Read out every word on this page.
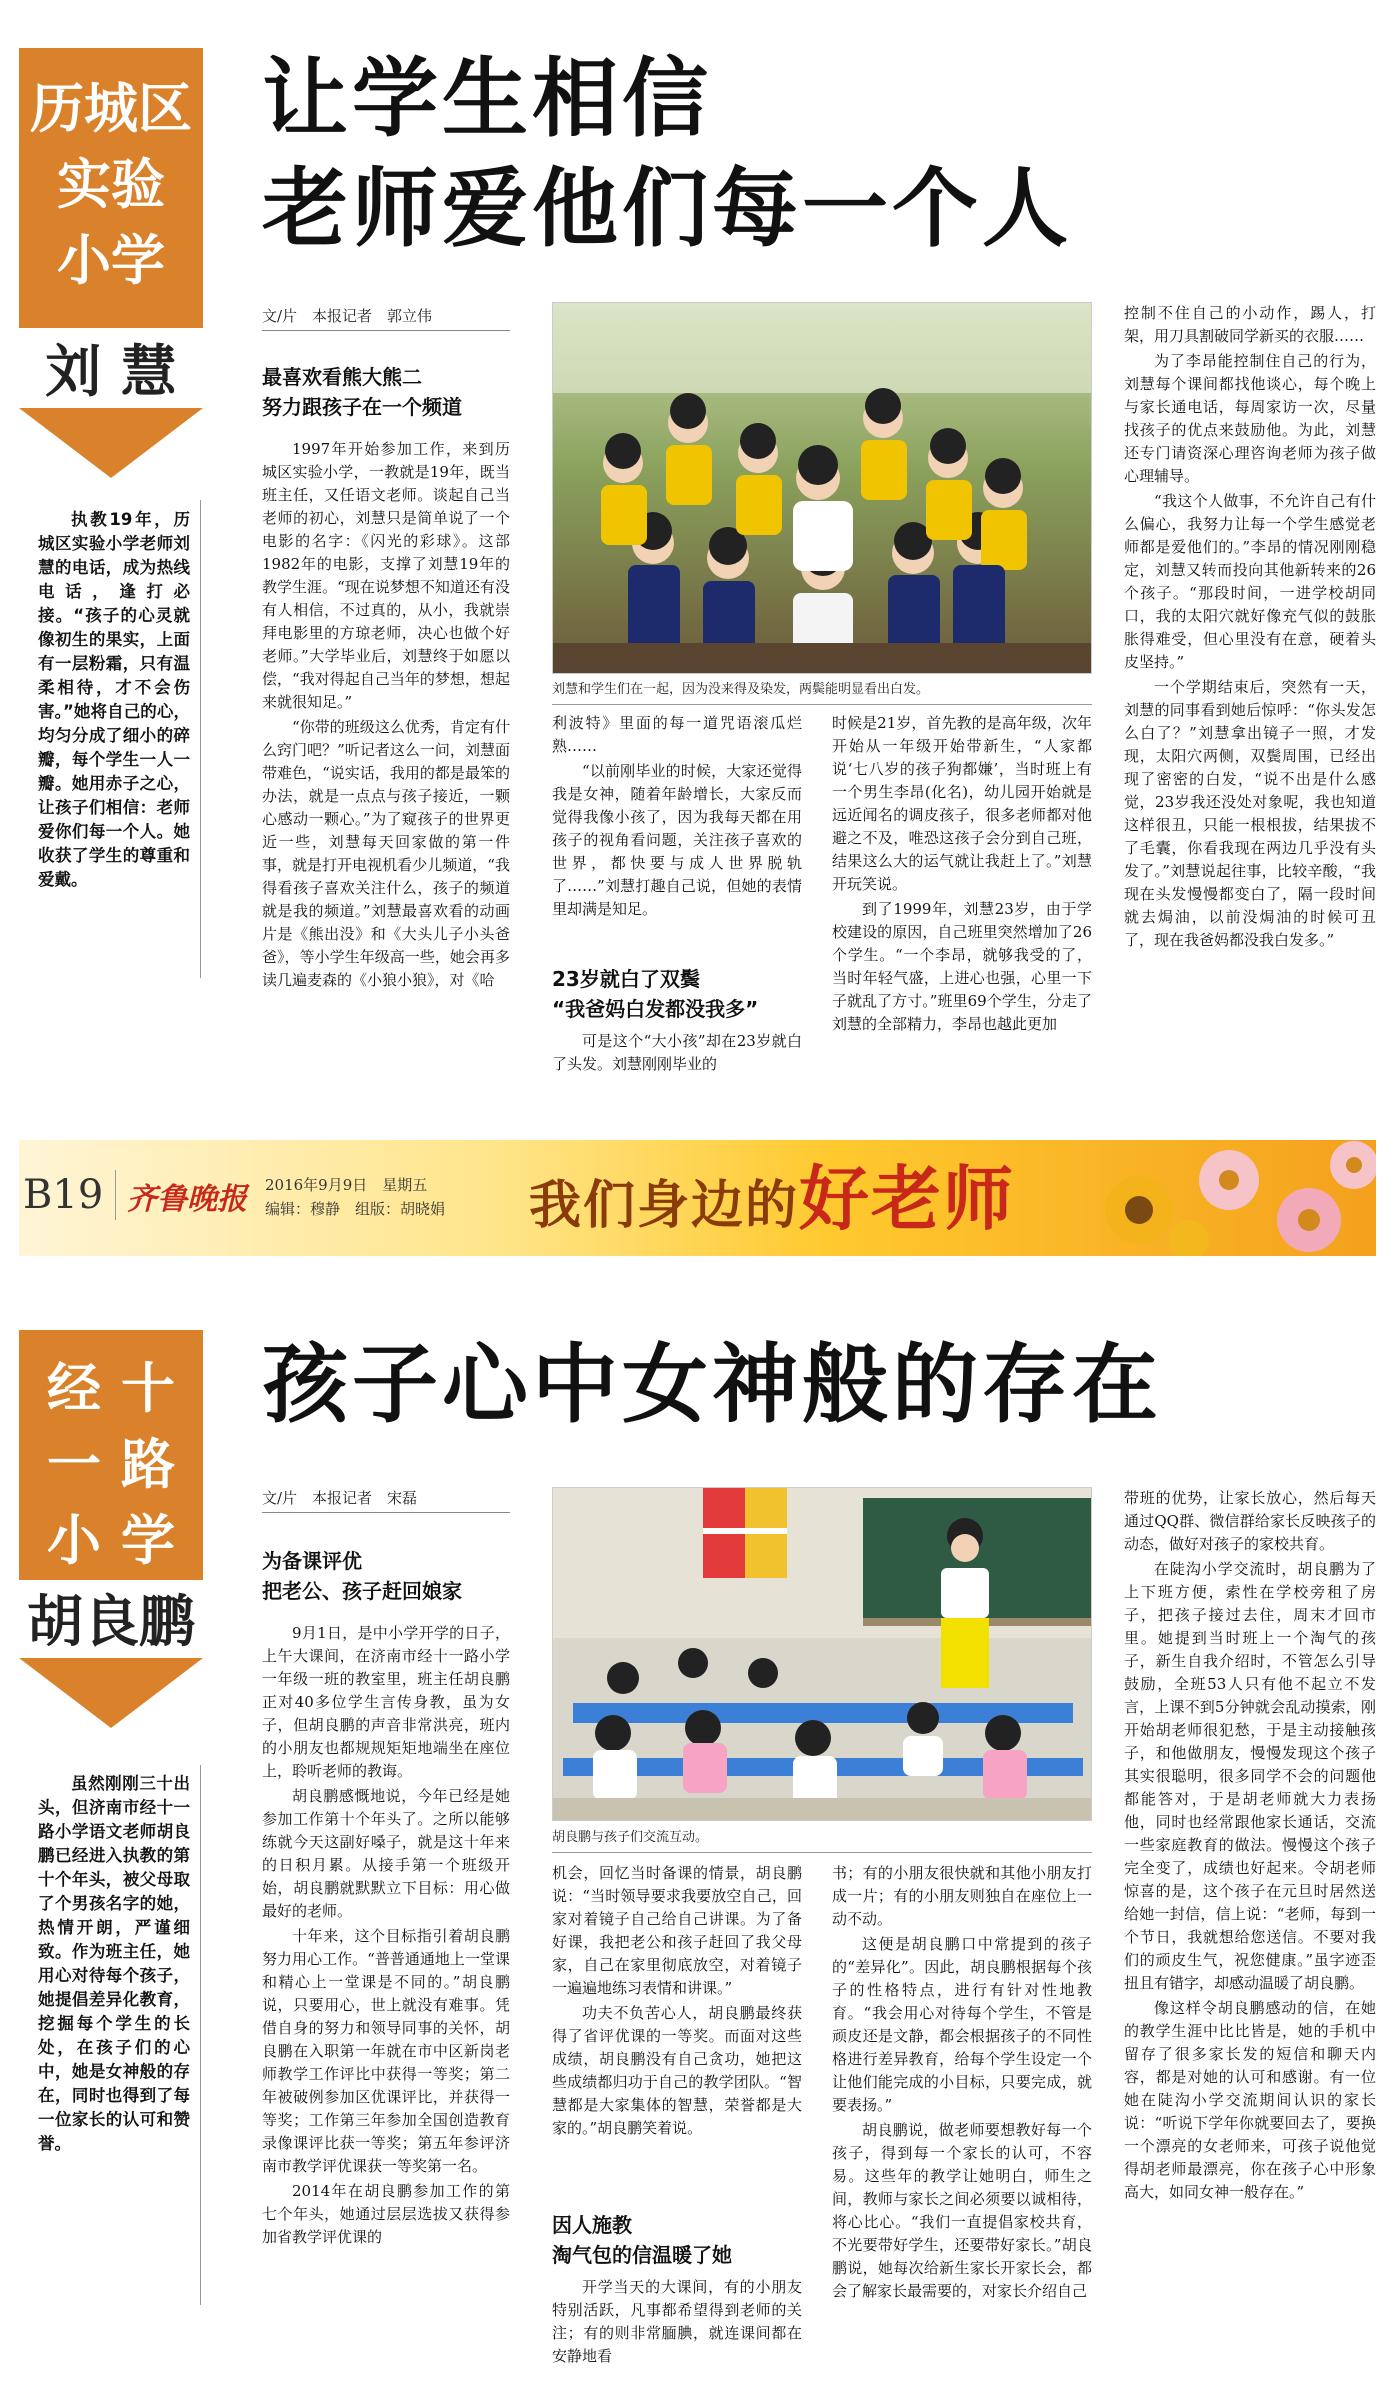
历城区
实验
小学
刘 慧
让学生相信
老师爱他们每一个人

执教19年，历城区实验小学老师刘慧的电话，成为热线电话，逢打必接。“孩子的心灵就像初生的果实，上面有一层粉霜，只有温柔相待，才不会伤害。”她将自己的心，均匀分成了细小的碎瓣，每个学生一人一瓣。她用赤子之心，让孩子们相信：老师爱你们每一个人。她收获了学生的尊重和爱戴。

文/片　本报记者　郭立伟
最喜欢看熊大熊二
努力跟孩子在一个频道

1997年开始参加工作，来到历城区实验小学，一教就是19年，既当班主任，又任语文老师。谈起自己当老师的初心，刘慧只是简单说了一个电影的名字：《闪光的彩球》。这部1982年的电影，支撑了刘慧19年的教学生涯。“现在说梦想不知道还有没有人相信，不过真的，从小，我就崇拜电影里的方琼老师，决心也做个好老师。”大学毕业后，刘慧终于如愿以偿，“我对得起自己当年的梦想，想起来就很知足。”

“你带的班级这么优秀，肯定有什么窍门吧？”听记者这么一问，刘慧面带难色，“说实话，我用的都是最笨的办法，就是一点点与孩子接近，一颗心感动一颗心。”为了窥孩子的世界更近一些，刘慧每天回家做的第一件事，就是打开电视机看少儿频道，“我得看孩子喜欢关注什么，孩子的频道就是我的频道。”刘慧最喜欢看的动画片是《熊出没》和《大头儿子小头爸爸》，等小学生年级高一些，她会再多读几遍麦森的《小狼小狼》，对《哈

刘慧和学生们在一起，因为没来得及染发，两鬓能明显看出白发。

利波特》里面的每一道咒语滚瓜烂熟……

“以前刚毕业的时候，大家还觉得我是女神，随着年龄增长，大家反而觉得我像小孩了，因为我每天都在用孩子的视角看问题，关注孩子喜欢的世界，都快要与成人世界脱轨了……”刘慧打趣自己说，但她的表情里却满是知足。

23岁就白了双鬓
“我爸妈白发都没我多”

可是这个“大小孩”却在23岁就白了头发。刘慧刚刚毕业的

时候是21岁，首先教的是高年级，次年开始从一年级开始带新生，“人家都说‘七八岁的孩子狗都嫌’，当时班上有一个男生李昂(化名)，幼儿园开始就是远近闻名的调皮孩子，很多老师都对他避之不及，唯恐这孩子会分到自己班，结果这么大的运气就让我赶上了。”刘慧开玩笑说。

到了1999年，刘慧23岁，由于学校建设的原因，自己班里突然增加了26个学生。“一个李昂，就够我受的了，当时年轻气盛，上进心也强，心里一下子就乱了方寸。”班里69个学生，分走了刘慧的全部精力，李昂也越此更加

控制不住自己的小动作，踢人，打架，用刀具割破同学新买的衣服……

为了李昂能控制住自己的行为，刘慧每个课间都找他谈心，每个晚上与家长通电话，每周家访一次，尽量找孩子的优点来鼓励他。为此，刘慧还专门请资深心理咨询老师为孩子做心理辅导。

“我这个人做事，不允许自己有什么偏心，我努力让每一个学生感觉老师都是爱他们的。”李昂的情况刚刚稳定，刘慧又转而投向其他新转来的26个孩子。“那段时间，一进学校胡同口，我的太阳穴就好像充气似的鼓胀胀得难受，但心里没有在意，硬着头皮坚持。”

一个学期结束后，突然有一天，刘慧的同事看到她后惊呼：“你头发怎么白了？”刘慧拿出镜子一照，才发现，太阳穴两侧，双鬓周围，已经出现了密密的白发，“说不出是什么感觉，23岁我还没处对象呢，我也知道这样很丑，只能一根根拔，结果拔不了毛囊，你看我现在两边几乎没有头发了。”刘慧说起往事，比较辛酸，“我现在头发慢慢都变白了，隔一段时间就去焗油，以前没焗油的时候可丑了，现在我爸妈都没我白发多。”

B19 齐鲁晚报 2016年9月9日　星期五
编辑：穆静　组版：胡晓娟 我们身边的好老师
经
一
小
十
路
学
胡良鹏
孩子心中女神般的存在

虽然刚刚三十出头，但济南市经十一路小学语文老师胡良鹏已经进入执教的第十个年头，被父母取了个男孩名字的她，热情开朗，严谨细致。作为班主任，她用心对待每个孩子，她提倡差异化教育，挖掘每个学生的长处，在孩子们的心中，她是女神般的存在，同时也得到了每一位家长的认可和赞誉。

文/片　本报记者　宋磊
为备课评优
把老公、孩子赶回娘家

9月1日，是中小学开学的日子，上午大课间，在济南市经十一路小学一年级一班的教室里，班主任胡良鹏正对40多位学生言传身教，虽为女子，但胡良鹏的声音非常洪亮，班内的小朋友也都规规矩矩地端坐在座位上，聆听老师的教诲。

胡良鹏感慨地说，今年已经是她参加工作第十个年头了。之所以能够练就今天这副好嗓子，就是这十年来的日积月累。从接手第一个班级开始，胡良鹏就默默立下目标：用心做最好的老师。

十年来，这个目标指引着胡良鹏努力用心工作。“普普通通地上一堂课和精心上一堂课是不同的。”胡良鹏说，只要用心，世上就没有难事。凭借自身的努力和领导同事的关怀，胡良鹏在入职第一年就在市中区新岗老师教学工作评比中获得一等奖；第二年被破例参加区优课评比，并获得一等奖；工作第三年参加全国创造教育录像课评比获一等奖；第五年参评济南市教学评优课获一等奖第一名。

2014年在胡良鹏参加工作的第七个年头，她通过层层选拔又获得参加省教学评优课的

胡良鹏与孩子们交流互动。

机会，回忆当时备课的情景，胡良鹏说：“当时领导要求我要放空自己，回家对着镜子自己给自己讲课。为了备好课，我把老公和孩子赶回了我父母家，自己在家里彻底放空，对着镜子一遍遍地练习表情和讲课。”

功夫不负苦心人，胡良鹏最终获得了省评优课的一等奖。而面对这些成绩，胡良鹏没有自己贪功，她把这些成绩都归功于自己的教学团队。“智慧都是大家集体的智慧，荣誉都是大家的。”胡良鹏笑着说。

因人施教
淘气包的信温暖了她

开学当天的大课间，有的小朋友特别活跃，凡事都希望得到老师的关注；有的则非常腼腆，就连课间都在安静地看

书；有的小朋友很快就和其他小朋友打成一片；有的小朋友则独自在座位上一动不动。

这便是胡良鹏口中常提到的孩子的“差异化”。因此，胡良鹏根据每个孩子的性格特点，进行有针对性地教育。“我会用心对待每个学生，不管是顽皮还是文静，都会根据孩子的不同性格进行差异教育，给每个学生设定一个让他们能完成的小目标，只要完成，就要表扬。”

胡良鹏说，做老师要想教好每一个孩子，得到每一个家长的认可，不容易。这些年的教学让她明白，师生之间，教师与家长之间必须要以诚相待，将心比心。“我们一直提倡家校共育，不光要带好学生，还要带好家长。”胡良鹏说，她每次给新生家长开家长会，都会了解家长最需要的，对家长介绍自己

带班的优势，让家长放心，然后每天通过QQ群、微信群给家长反映孩子的动态，做好对孩子的家校共育。

在陡沟小学交流时，胡良鹏为了上下班方便，索性在学校旁租了房子，把孩子接过去住，周末才回市里。她提到当时班上一个淘气的孩子，新生自我介绍时，不管怎么引导鼓励，全班53人只有他不起立不发言，上课不到5分钟就会乱动摸索，刚开始胡老师很犯愁，于是主动接触孩子，和他做朋友，慢慢发现这个孩子其实很聪明，很多同学不会的问题他都能答对，于是胡老师就大力表扬他，同时也经常跟他家长通话，交流一些家庭教育的做法。慢慢这个孩子完全变了，成绩也好起来。令胡老师惊喜的是，这个孩子在元旦时居然送给她一封信，信上说：“老师，每到一个节日，我就想给您送信。不要对我们的顽皮生气，祝您健康。”虽字迹歪扭且有错字，却感动温暖了胡良鹏。

像这样令胡良鹏感动的信，在她的教学生涯中比比皆是，她的手机中留存了很多家长发的短信和聊天内容，都是对她的认可和感谢。有一位她在陡沟小学交流期间认识的家长说：“听说下学年你就要回去了，要换一个漂亮的女老师来，可孩子说他觉得胡老师最漂亮，你在孩子心中形象高大，如同女神一般存在。”
